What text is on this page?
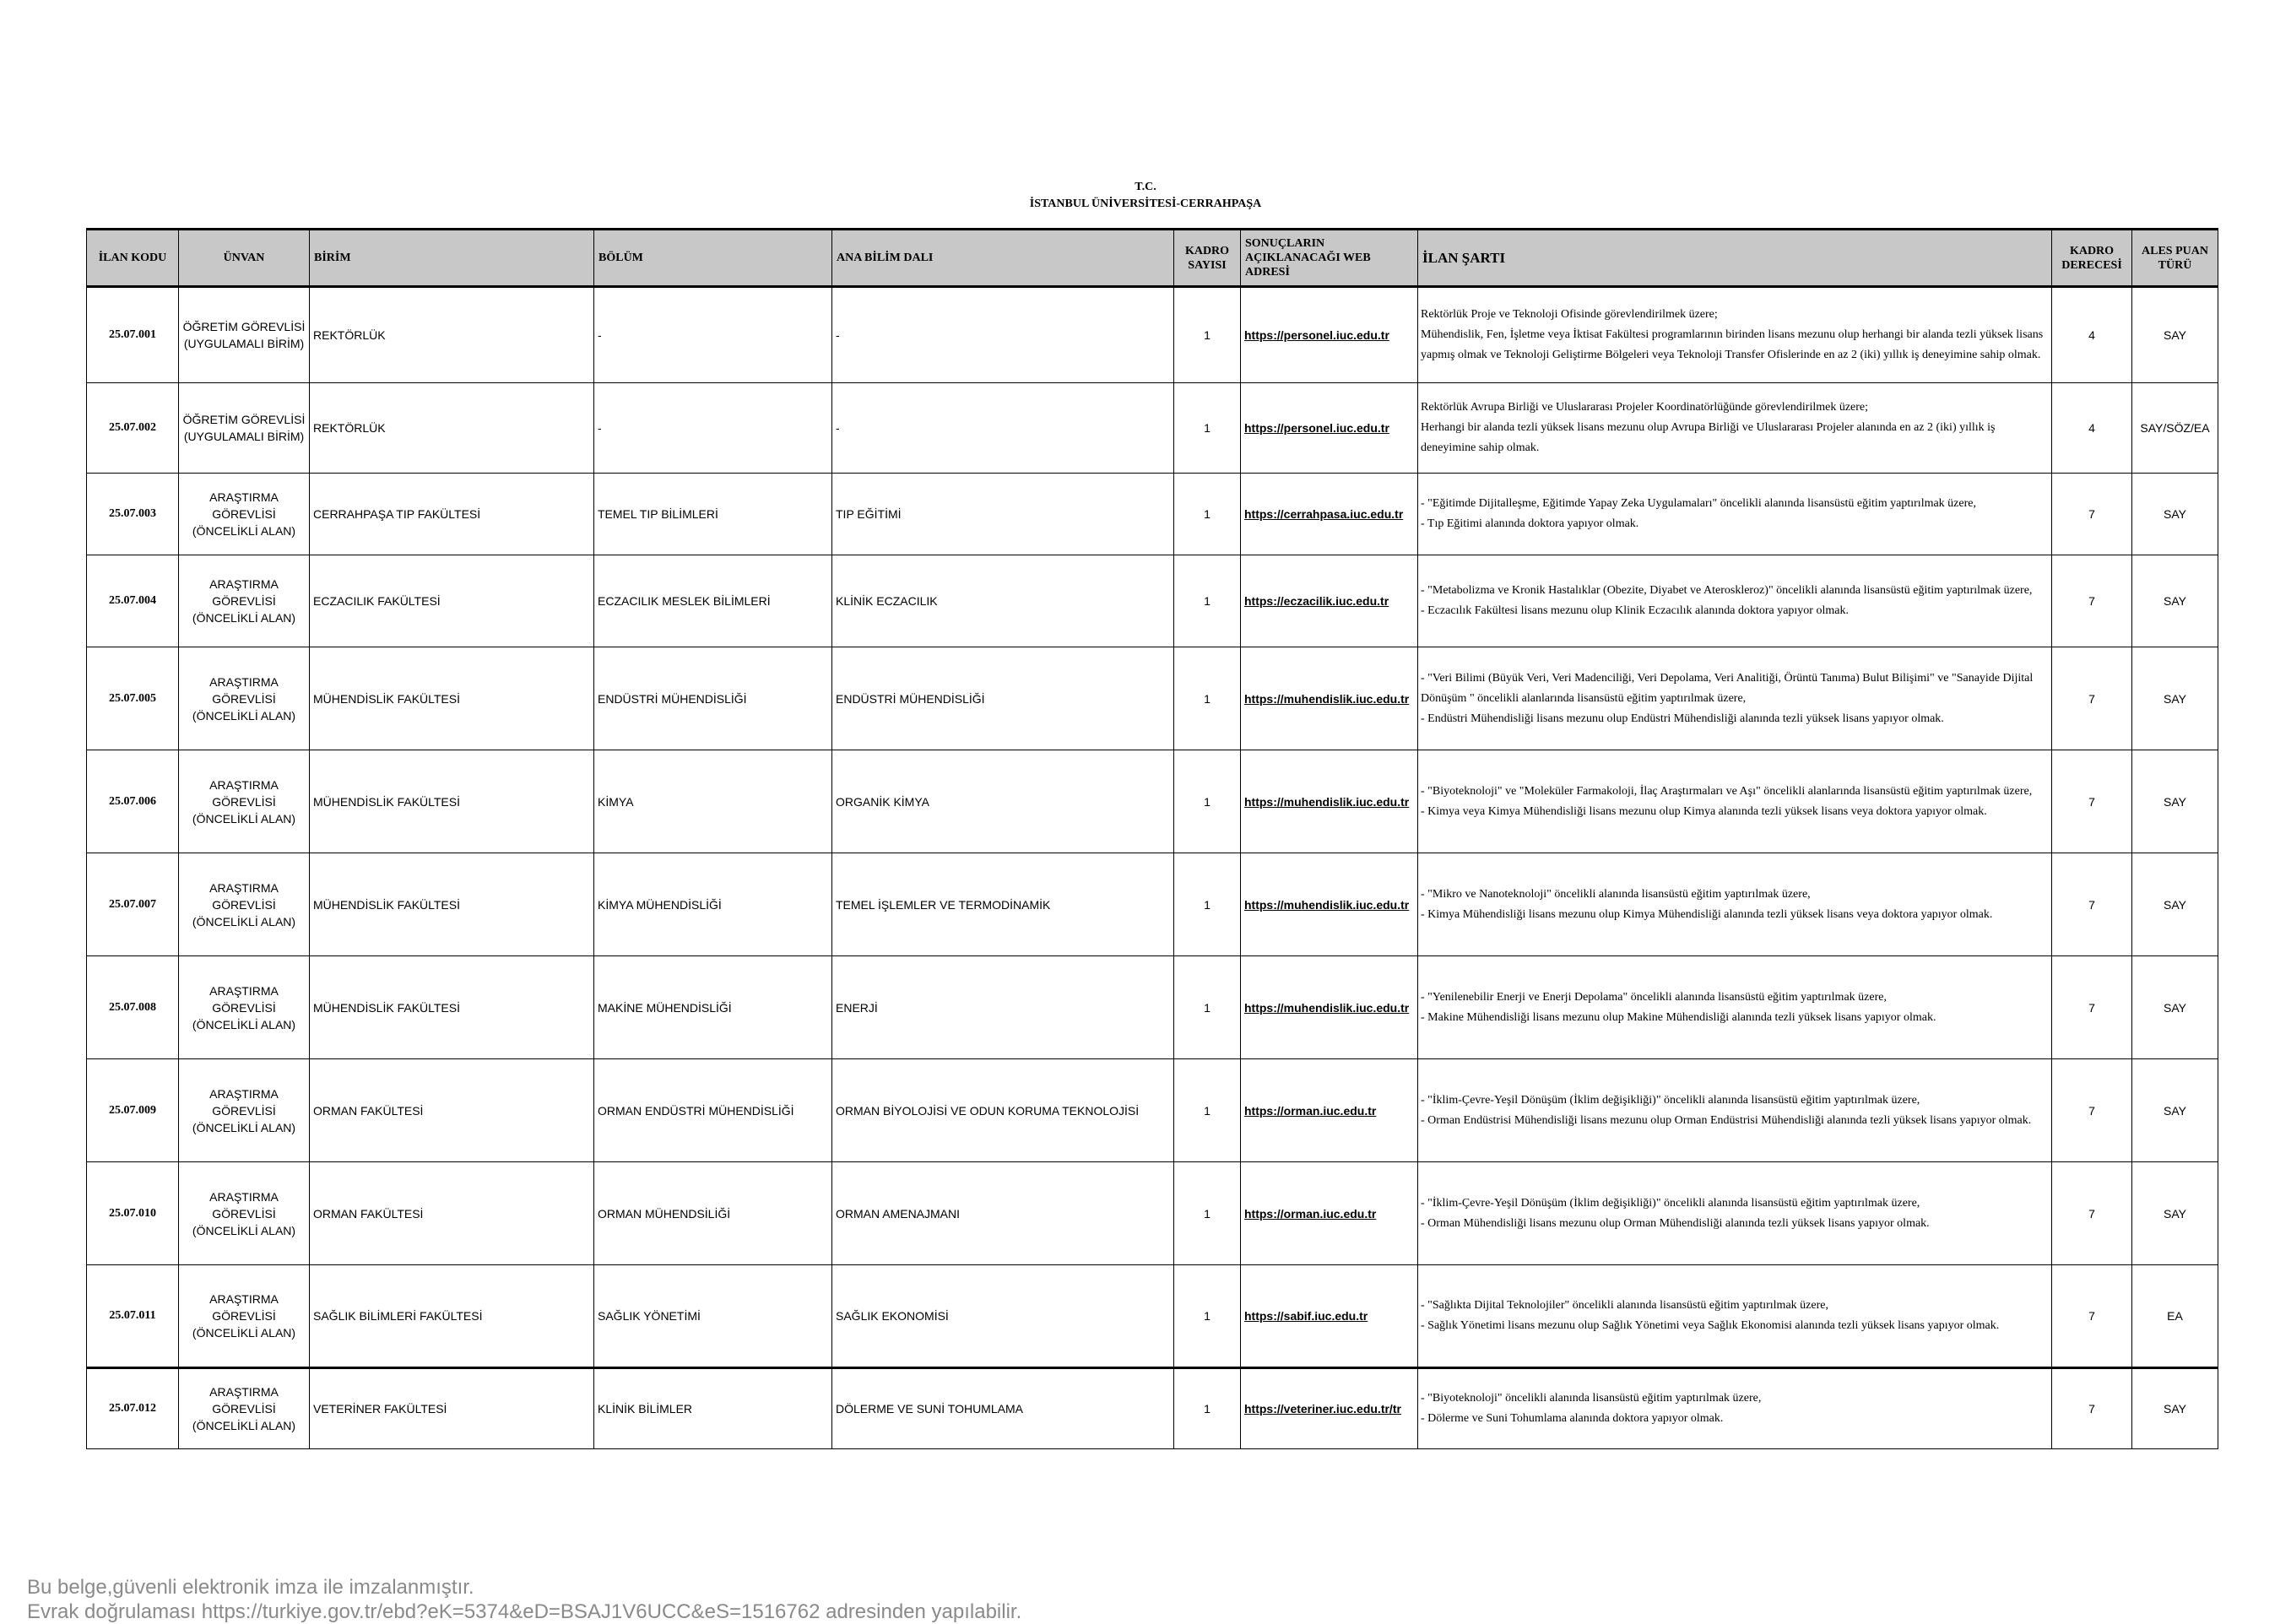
T.C.
İSTANBUL ÜNİVERSİTESİ-CERRAHPAŞA
İLAN KODU	ÜNVAN	BİRİM	BÖLÜM	ANA BİLİM DALI	KADRO SAYISI	SONUÇLARIN AÇIKLANACAĞI WEB ADRESİ	İLAN ŞARTI	KADRO DERECESİ	ALES PUAN TÜRÜ
25.07.001	ÖĞRETİM GÖREVLİSİ (UYGULAMALI BİRİM)	REKTÖRLÜK	-	-	1	https://personel.iuc.edu.tr	Rektörlük Proje ve Teknoloji Ofisinde görevlendirilmek üzere;
Mühendislik, Fen, İşletme veya İktisat Fakültesi programlarının birinden lisans mezunu olup herhangi bir alanda tezli yüksek lisans yapmış olmak ve Teknoloji Geliştirme Bölgeleri veya Teknoloji Transfer Ofislerinde en az 2 (iki) yıllık iş deneyimine sahip olmak.	4	SAY
25.07.002	ÖĞRETİM GÖREVLİSİ (UYGULAMALI BİRİM)	REKTÖRLÜK	-	-	1	https://personel.iuc.edu.tr	Rektörlük Avrupa Birliği ve Uluslararası Projeler Koordinatörlüğünde görevlendirilmek üzere;
Herhangi bir alanda tezli yüksek lisans mezunu olup Avrupa Birliği ve Uluslararası Projeler alanında en az 2 (iki) yıllık iş deneyimine sahip olmak.	4	SAY/SÖZ/EA
25.07.003	ARAŞTIRMA GÖREVLİSİ (ÖNCELİKLİ ALAN)	CERRAHPAŞA TIP FAKÜLTESİ	TEMEL TIP BİLİMLERİ	TIP EĞİTİMİ	1	https://cerrahpasa.iuc.edu.tr	- "Eğitimde Dijitalleşme, Eğitimde Yapay Zeka Uygulamaları" öncelikli alanında lisansüstü eğitim yaptırılmak üzere,
- Tıp Eğitimi alanında doktora yapıyor olmak.	7	SAY
25.07.004	ARAŞTIRMA GÖREVLİSİ (ÖNCELİKLİ ALAN)	ECZACILIK FAKÜLTESİ	ECZACILIK MESLEK BİLİMLERİ	KLİNİK ECZACILIK	1	https://eczacilik.iuc.edu.tr	- "Metabolizma ve Kronik Hastalıklar (Obezite, Diyabet ve Ateroskleroz)" öncelikli alanında lisansüstü eğitim yaptırılmak üzere,
- Eczacılık Fakültesi lisans mezunu olup Klinik Eczacılık alanında doktora yapıyor olmak.	7	SAY
25.07.005	ARAŞTIRMA GÖREVLİSİ (ÖNCELİKLİ ALAN)	MÜHENDİSLİK FAKÜLTESİ	ENDÜSTRİ MÜHENDİSLİĞİ	ENDÜSTRİ MÜHENDİSLİĞİ	1	https://muhendislik.iuc.edu.tr	- "Veri Bilimi (Büyük Veri, Veri Madenciliği, Veri Depolama, Veri Analitiği, Örüntü Tanıma) Bulut Bilişimi" ve "Sanayide Dijital Dönüşüm " öncelikli alanlarında lisansüstü eğitim yaptırılmak üzere,
- Endüstri Mühendisliği lisans mezunu olup Endüstri Mühendisliği alanında tezli yüksek lisans yapıyor olmak.	7	SAY
25.07.006	ARAŞTIRMA GÖREVLİSİ (ÖNCELİKLİ ALAN)	MÜHENDİSLİK FAKÜLTESİ	KİMYA	ORGANİK KİMYA	1	https://muhendislik.iuc.edu.tr	- "Biyoteknoloji" ve "Moleküler Farmakoloji, İlaç Araştırmaları ve Aşı" öncelikli alanlarında lisansüstü eğitim yaptırılmak üzere,
- Kimya veya Kimya Mühendisliği lisans mezunu olup Kimya alanında tezli yüksek lisans veya doktora yapıyor olmak.	7	SAY
25.07.007	ARAŞTIRMA GÖREVLİSİ (ÖNCELİKLİ ALAN)	MÜHENDİSLİK FAKÜLTESİ	KİMYA MÜHENDİSLİĞİ	TEMEL İŞLEMLER VE TERMODİNAMİK	1	https://muhendislik.iuc.edu.tr	- "Mikro ve Nanoteknoloji" öncelikli alanında lisansüstü eğitim yaptırılmak üzere,
- Kimya Mühendisliği lisans mezunu olup Kimya Mühendisliği alanında tezli yüksek lisans veya doktora yapıyor olmak.	7	SAY
25.07.008	ARAŞTIRMA GÖREVLİSİ (ÖNCELİKLİ ALAN)	MÜHENDİSLİK FAKÜLTESİ	MAKİNE MÜHENDİSLİĞİ	ENERJİ	1	https://muhendislik.iuc.edu.tr	- "Yenilenebilir Enerji ve Enerji Depolama" öncelikli alanında lisansüstü eğitim yaptırılmak üzere,
- Makine Mühendisliği lisans mezunu olup Makine Mühendisliği alanında tezli yüksek lisans yapıyor olmak.	7	SAY
25.07.009	ARAŞTIRMA GÖREVLİSİ (ÖNCELİKLİ ALAN)	ORMAN FAKÜLTESİ	ORMAN ENDÜSTRİ MÜHENDİSLİĞİ	ORMAN BİYOLOJİSİ VE ODUN KORUMA TEKNOLOJİSİ	1	https://orman.iuc.edu.tr	- "İklim-Çevre-Yeşil Dönüşüm (İklim değişikliği)" öncelikli alanında lisansüstü eğitim yaptırılmak üzere,
- Orman Endüstrisi Mühendisliği lisans mezunu olup Orman Endüstrisi Mühendisliği alanında tezli yüksek lisans yapıyor olmak.	7	SAY
25.07.010	ARAŞTIRMA GÖREVLİSİ (ÖNCELİKLİ ALAN)	ORMAN FAKÜLTESİ	ORMAN MÜHENDSİLİĞİ	ORMAN AMENAJMANI	1	https://orman.iuc.edu.tr	- "İklim-Çevre-Yeşil Dönüşüm (İklim değişikliği)" öncelikli alanında lisansüstü eğitim yaptırılmak üzere,
- Orman Mühendisliği lisans mezunu olup Orman Mühendisliği alanında tezli yüksek lisans yapıyor olmak.	7	SAY
25.07.011	ARAŞTIRMA GÖREVLİSİ (ÖNCELİKLİ ALAN)	SAĞLIK BİLİMLERİ FAKÜLTESİ	SAĞLIK YÖNETİMİ	SAĞLIK EKONOMİSİ	1	https://sabif.iuc.edu.tr	- "Sağlıkta Dijital Teknolojiler" öncelikli alanında lisansüstü eğitim yaptırılmak üzere,
- Sağlık Yönetimi lisans mezunu olup Sağlık Yönetimi veya Sağlık Ekonomisi alanında tezli yüksek lisans yapıyor olmak.	7	EA
25.07.012	ARAŞTIRMA GÖREVLİSİ (ÖNCELİKLİ ALAN)	VETERİNER FAKÜLTESİ	KLİNİK BİLİMLER	DÖLERME VE SUNİ TOHUMLAMA	1	https://veteriner.iuc.edu.tr/tr	- "Biyoteknoloji" öncelikli alanında lisansüstü eğitim yaptırılmak üzere,
- Dölerme ve Suni Tohumlama alanında doktora yapıyor olmak.	7	SAY
Bu belge,güvenli elektronik imza ile imzalanmıştır.
Evrak doğrulaması https://turkiye.gov.tr/ebd?eK=5374&eD=BSAJ1V6UCC&eS=1516762 adresinden yapılabilir.
